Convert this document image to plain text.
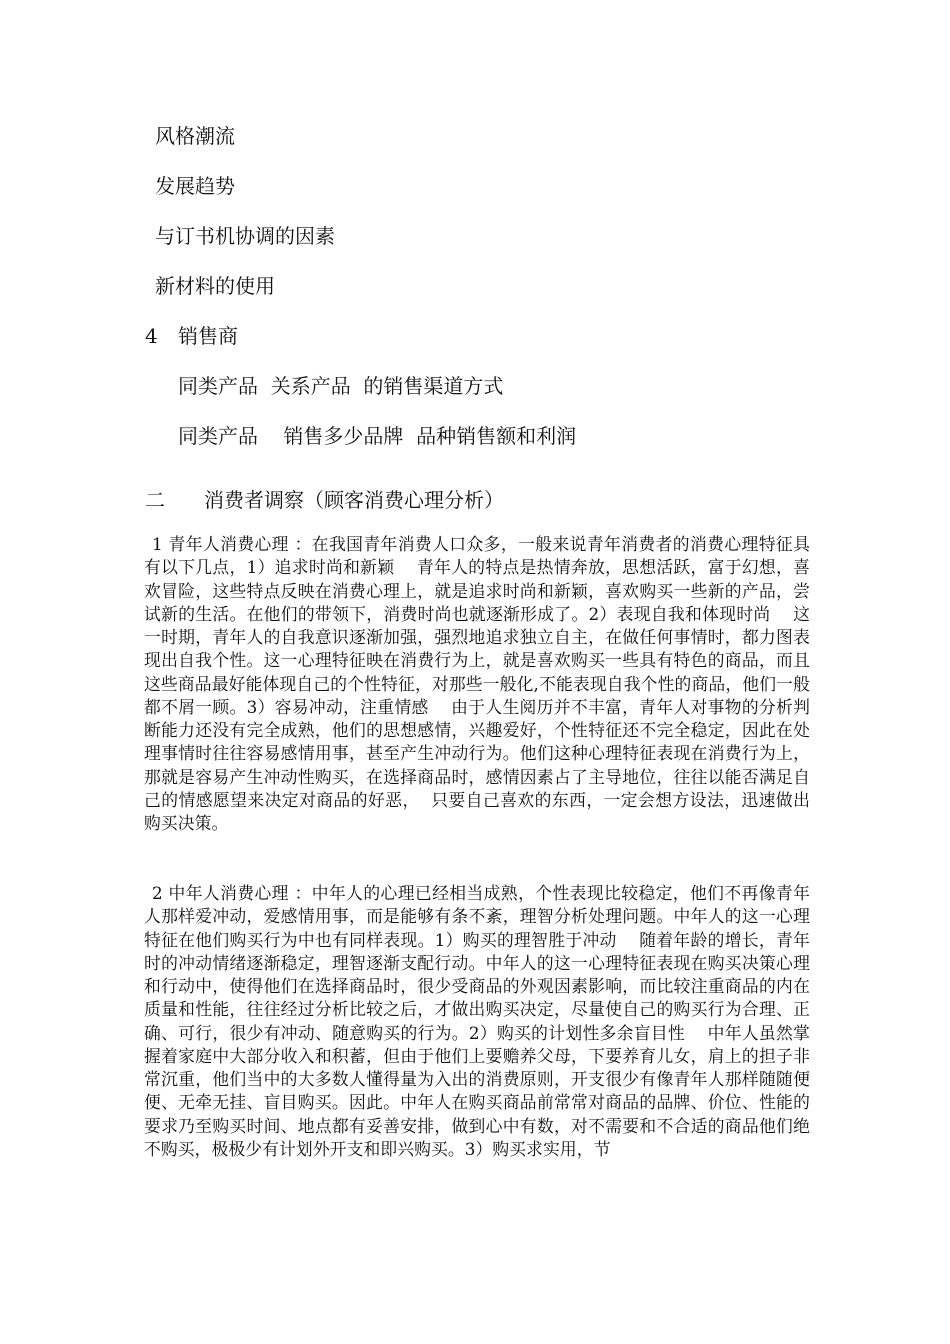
风格潮流
发展趋势
与订书机协调的因素
新材料的使用
4 销售商
同类产品  关系产品  的销售渠道方式
同类产品    销售多少品牌  品种销售额和利润
二 消费者调察（顾客消费心理分析）
1 青年人消费心理 ：在我国青年消费人口众多，一般来说青年消费者的消费心理特征具有以下几点，1）追求时尚和新颖    青年人的特点是热情奔放，思想活跃，富于幻想，喜欢冒险，这些特点反映在消费心理上，就是追求时尚和新颖，喜欢购买一些新的产品，尝试新的生活。在他们的带领下，消费时尚也就逐渐形成了。2）表现自我和体现时尚    这一时期，青年人的自我意识逐渐加强，强烈地追求独立自主，在做任何事情时，都力图表现出自我个性。这一心理特征映在消费行为上，就是喜欢购买一些具有特色的商品，而且这些商品最好能体现自己的个性特征，对那些一般化,不能表现自我个性的商品，他们一般都不屑一顾。3）容易冲动，注重情感    由于人生阅历并不丰富，青年人对事物的分析判断能力还没有完全成熟，他们的思想感情，兴趣爱好，个性特征还不完全稳定，因此在处理事情时往往容易感情用事，甚至产生冲动行为。他们这种心理特征表现在消费行为上，那就是容易产生冲动性购买，在选择商品时，感情因素占了主导地位，往往以能否满足自己的情感愿望来决定对商品的好恶，  只要自己喜欢的东西，一定会想方设法，迅速做出购买决策。
2 中年人消费心理 ：中年人的心理已经相当成熟，个性表现比较稳定，他们不再像青年人那样爱冲动，爱感情用事，而是能够有条不紊，理智分析处理问题。中年人的这一心理特征在他们购买行为中也有同样表现。1）购买的理智胜于冲动    随着年龄的增长，青年时的冲动情绪逐渐稳定，理智逐渐支配行动。中年人的这一心理特征表现在购买决策心理和行动中，使得他们在选择商品时，很少受商品的外观因素影响，而比较注重商品的内在质量和性能，往往经过分析比较之后，才做出购买决定，尽量使自己的购买行为合理、正确、可行，很少有冲动、随意购买的行为。2）购买的计划性多余盲目性    中年人虽然掌握着家庭中大部分收入和积蓄，但由于他们上要赡养父母，下要养育儿女，肩上的担子非常沉重，他们当中的大多数人懂得量为入出的消费原则，开支很少有像青年人那样随随便便、无牵无挂、盲目购买。因此。中年人在购买商品前常常对商品的品牌、价位、性能的要求乃至购买时间、地点都有妥善安排，做到心中有数，对不需要和不合适的商品他们绝不购买，极极少有计划外开支和即兴购买。3）购买求实用，节
